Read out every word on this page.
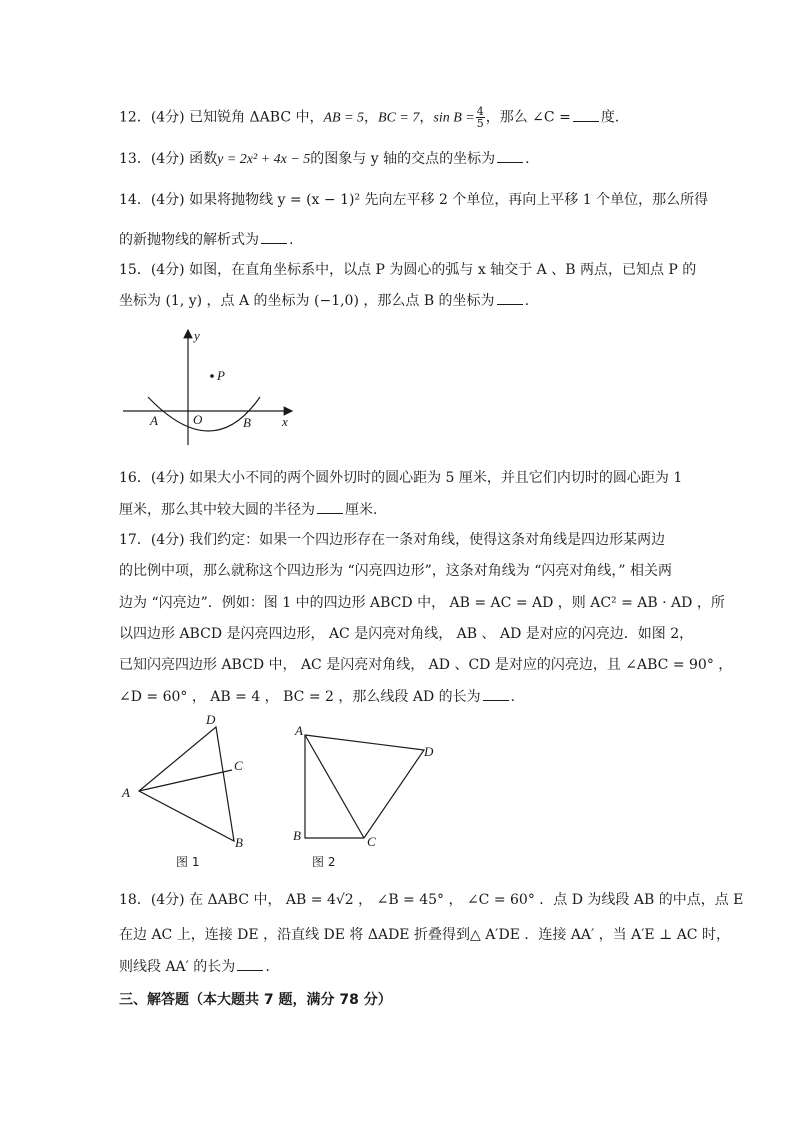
12．(4分) 已知锐角 ΔABC 中，AB = 5，BC = 7，$\sin B = \frac{4}{5}$ ，那么 ∠C = 度.
13．(4分) 函数y = 2x² + 4x − 5的图象与 y 轴的交点的坐标为 .
14．(4分) 如果将抛物线 y = (x − 1)² 先向左平移 2 个单位，再向上平移 1 个单位，那么所得
的新抛物线的解析式为 .
15．(4分) 如图，在直角坐标系中，以点 P 为圆心的弧与 x 轴交于 A 、B 两点，已知点 P 的
坐标为 (1, y) ，点 A 的坐标为 (−1,0) ，那么点 B 的坐标为 .
y
P
A	O	B x
16．(4分) 如果大小不同的两个圆外切时的圆心距为 5 厘米，并且它们内切时的圆心距为 1
厘米，那么其中较大圆的半径为 厘米.
17．(4分) 我们约定：如果一个四边形存在一条对角线，使得这条对角线是四边形某两边
的比例中项，那么就称这个四边形为 “闪亮四边形”，这条对角线为 “闪亮对角线，” 相关两
边为 “闪亮边”．例如：图 1 中的四边形 ABCD 中， AB = AC = AD ，则 AC² = AB · AD ，所
以四边形 ABCD 是闪亮四边形， AC 是闪亮对角线， AB 、 AD 是对应的闪亮边．如图 2，
已知闪亮四边形 ABCD 中， AC 是闪亮对角线， AD 、CD 是对应的闪亮边，且 ∠ABC = 90° ，
∠D = 60° ， AB = 4 ， BC = 2 ，那么线段 AD 的长为 .
D
C
A
B
图 1
A
D
B	C
图 2
18．(4分) 在 ΔABC 中， AB = 4√2 ， ∠B = 45° ， ∠C = 60° ．点 D 为线段 AB 的中点，点 E
在边 AC 上，连接 DE ，沿直线 DE 将 ΔADE 折叠得到△ A′DE ．连接 AA′ ，当 A′E ⊥ AC 时，
则线段 AA′ 的长为 .
三、解答题（本大题共 7 题，满分 78 分）
